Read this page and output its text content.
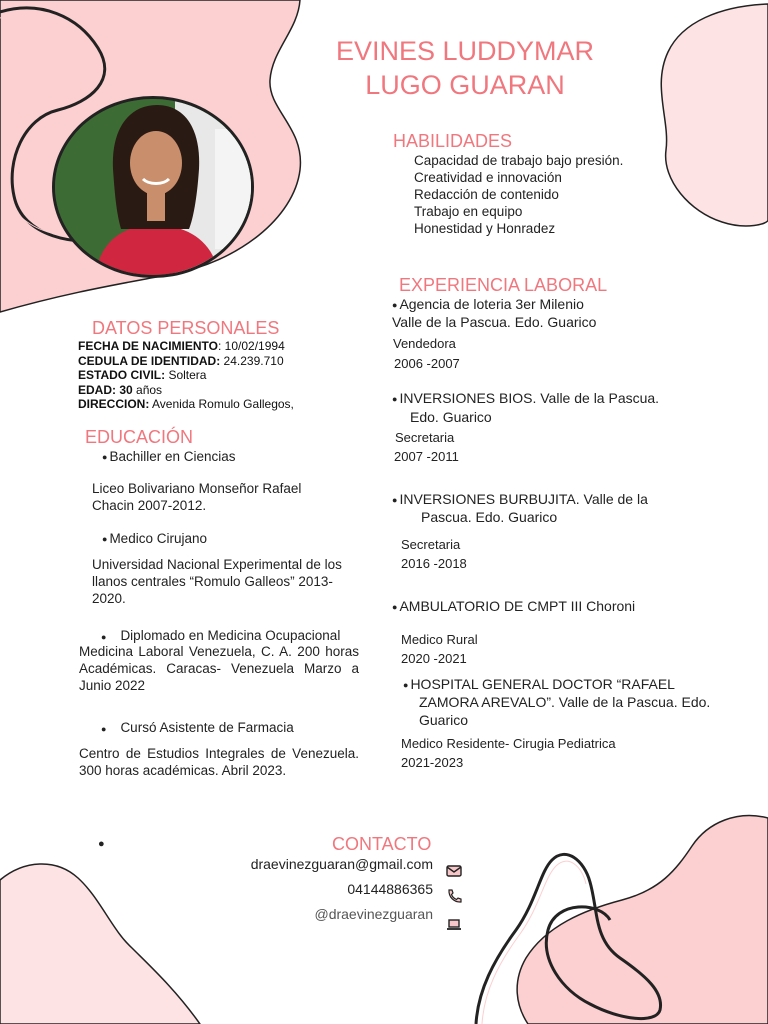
EVINES LUDDYMAR
LUGO GUARAN
HABILIDADES
Capacidad de trabajo bajo presión.
Creatividad e innovación
Redacción de contenido
Trabajo en equipo
Honestidad y Honradez
DATOS PERSONALES
FECHA DE NACIMIENTO: 10/02/1994
CEDULA DE IDENTIDAD: 24.239.710
ESTADO CIVIL: Soltera
EDAD: 30 años
DIRECCION: Avenida Romulo Gallegos,
EDUCACIÓN
● Bachiller en Ciencias
Liceo Bolivariano Monseñor Rafael Chacin 2007-2012.
● Medico Cirujano
Universidad Nacional Experimental de los llanos centrales “Romulo Galleos” 2013-2020.
● Diplomado en Medicina Ocupacional
Medicina Laboral Venezuela, C. A. 200 horas Académicas. Caracas- Venezuela Marzo a Junio 2022
● Cursó Asistente de Farmacia
Centro de Estudios Integrales de Venezuela. 300 horas académicas. Abril 2023.
EXPERIENCIA LABORAL
● Agencia de loteria 3er Milenio
Valle de la Pascua. Edo. Guarico
Vendedora
2006 -2007
● INVERSIONES BIOS. Valle de la Pascua.
Edo. Guarico
Secretaria
2007 -2011
● INVERSIONES BURBUJITA. Valle de la
Pascua. Edo. Guarico
Secretaria
2016 -2018
● AMBULATORIO DE CMPT III Choroni
Medico Rural
2020 -2021
● HOSPITAL GENERAL DOCTOR “RAFAEL
ZAMORA AREVALO”. Valle de la Pascua. Edo.
Guarico
Medico Residente- Cirugia Pediatrica
2021-2023
●	CONTACTO
draevinezguaran@gmail.com
04144886365
@draevinezguaran
